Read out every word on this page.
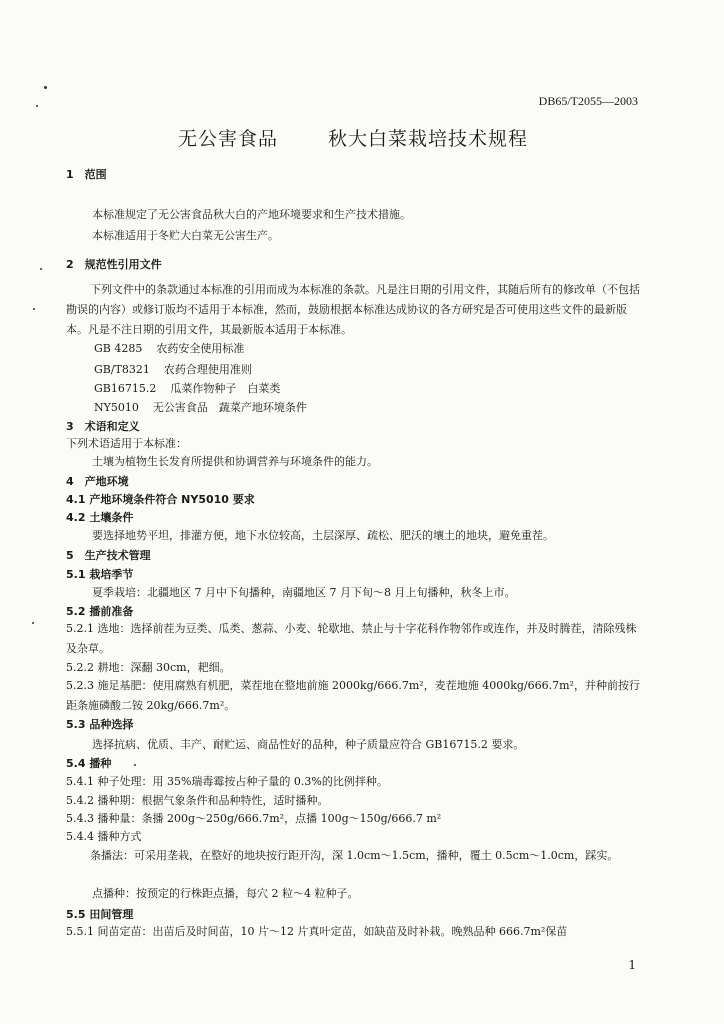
DB65/T2055—2003
无公害食品	秋大白菜栽培技术规程
1　范围
本标准规定了无公害食品秋大白的产地环境要求和生产技术措施。
本标准适用于冬贮大白菜无公害生产。
2　规范性引用文件
下列文件中的条款通过本标准的引用而成为本标准的条款。凡是注日期的引用文件，其随后所有的修改单（不包括勘误的内容）或修订版均不适用于本标准，然而，鼓励根据本标准达成协议的各方研究是否可使用这些文件的最新版本。凡是不注日期的引用文件，其最新版本适用于本标准。
GB 4285 农药安全使用标准
GB/T8321 农药合理使用准则
GB16715.2 瓜菜作物种子　白菜类
NY5010 无公害食品　蔬菜产地环境条件
3　术语和定义
下列术语适用于本标准：
土壤为植物生长发育所提供和协调营养与环境条件的能力。
4　产地环境
4.1 产地环境条件符合 NY5010 要求
4.2 土壤条件
要选择地势平坦，排灌方便，地下水位较高，土层深厚、疏松、肥沃的壤土的地块，避免重茬。
5　生产技术管理
5.1 栽培季节
夏季栽培：北疆地区 7 月中下旬播种，南疆地区 7 月下旬～8 月上旬播种，秋冬上市。
5.2 播前准备
5.2.1 选地：选择前茬为豆类、瓜类、葱蒜、小麦、轮歇地、禁止与十字花科作物邻作或连作，并及时腾茬，清除残株及杂草。
5.2.2 耕地：深翻 30cm，耙细。
5.2.3 施足基肥：使用腐熟有机肥，菜茬地在整地前施 2000kg/666.7m²，麦茬地施 4000kg/666.7m²，并种前按行距条施磷酸二铵 20kg/666.7m²。
5.3 品种选择
选择抗病、优质、丰产、耐贮运、商品性好的品种，种子质量应符合 GB16715.2 要求。
5.4 播种
5.4.1 种子处理：用 35%瑞毒霉按占种子量的 0.3%的比例拌种。
5.4.2 播种期：根据气象条件和品种特性，适时播种。
5.4.3 播种量：条播 200g～250g/666.7m²，点播 100g～150g/666.7 m²
5.4.4 播种方式
条播法：可采用垄栽，在整好的地块按行距开沟，深 1.0cm～1.5cm，播种，覆土 0.5cm～1.0cm，踩实。
点播种：按预定的行株距点播，每穴 2 粒～4 粒种子。
5.5 田间管理
5.5.1 间苗定苗：出苗后及时间苗，10 片～12 片真叶定苗，如缺苗及时补栽。晚熟品种 666.7m²保苗
1
